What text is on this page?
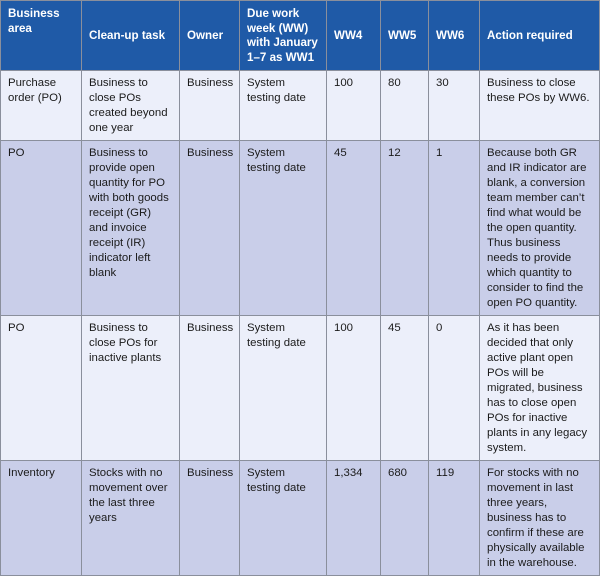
Business area	Clean-up task	Owner	Due work week (WW) with January 1–7 as WW1	WW4	WW5	WW6	Action required
Purchase order (PO)	Business to close POs created beyond one year	Business	System testing date	100	80	30	Business to close these POs by WW6.
PO	Business to provide open quantity for PO with both goods receipt (GR) and invoice receipt (IR) indicator left blank	Business	System testing date	45	12	1	Because both GR and IR indicator are blank, a conversion team member can’t find what would be the open quantity. Thus business needs to provide which quantity to consider to find the open PO quantity.
PO	Business to close POs for inactive plants	Business	System testing date	100	45	0	As it has been decided that only active plant open POs will be migrated, business has to close open POs for inactive plants in any legacy system.
Inventory	Stocks with no movement over the last three years	Business	System testing date	1,334	680	119	For stocks with no movement in last three years, business has to confirm if these are physically available in the warehouse.
